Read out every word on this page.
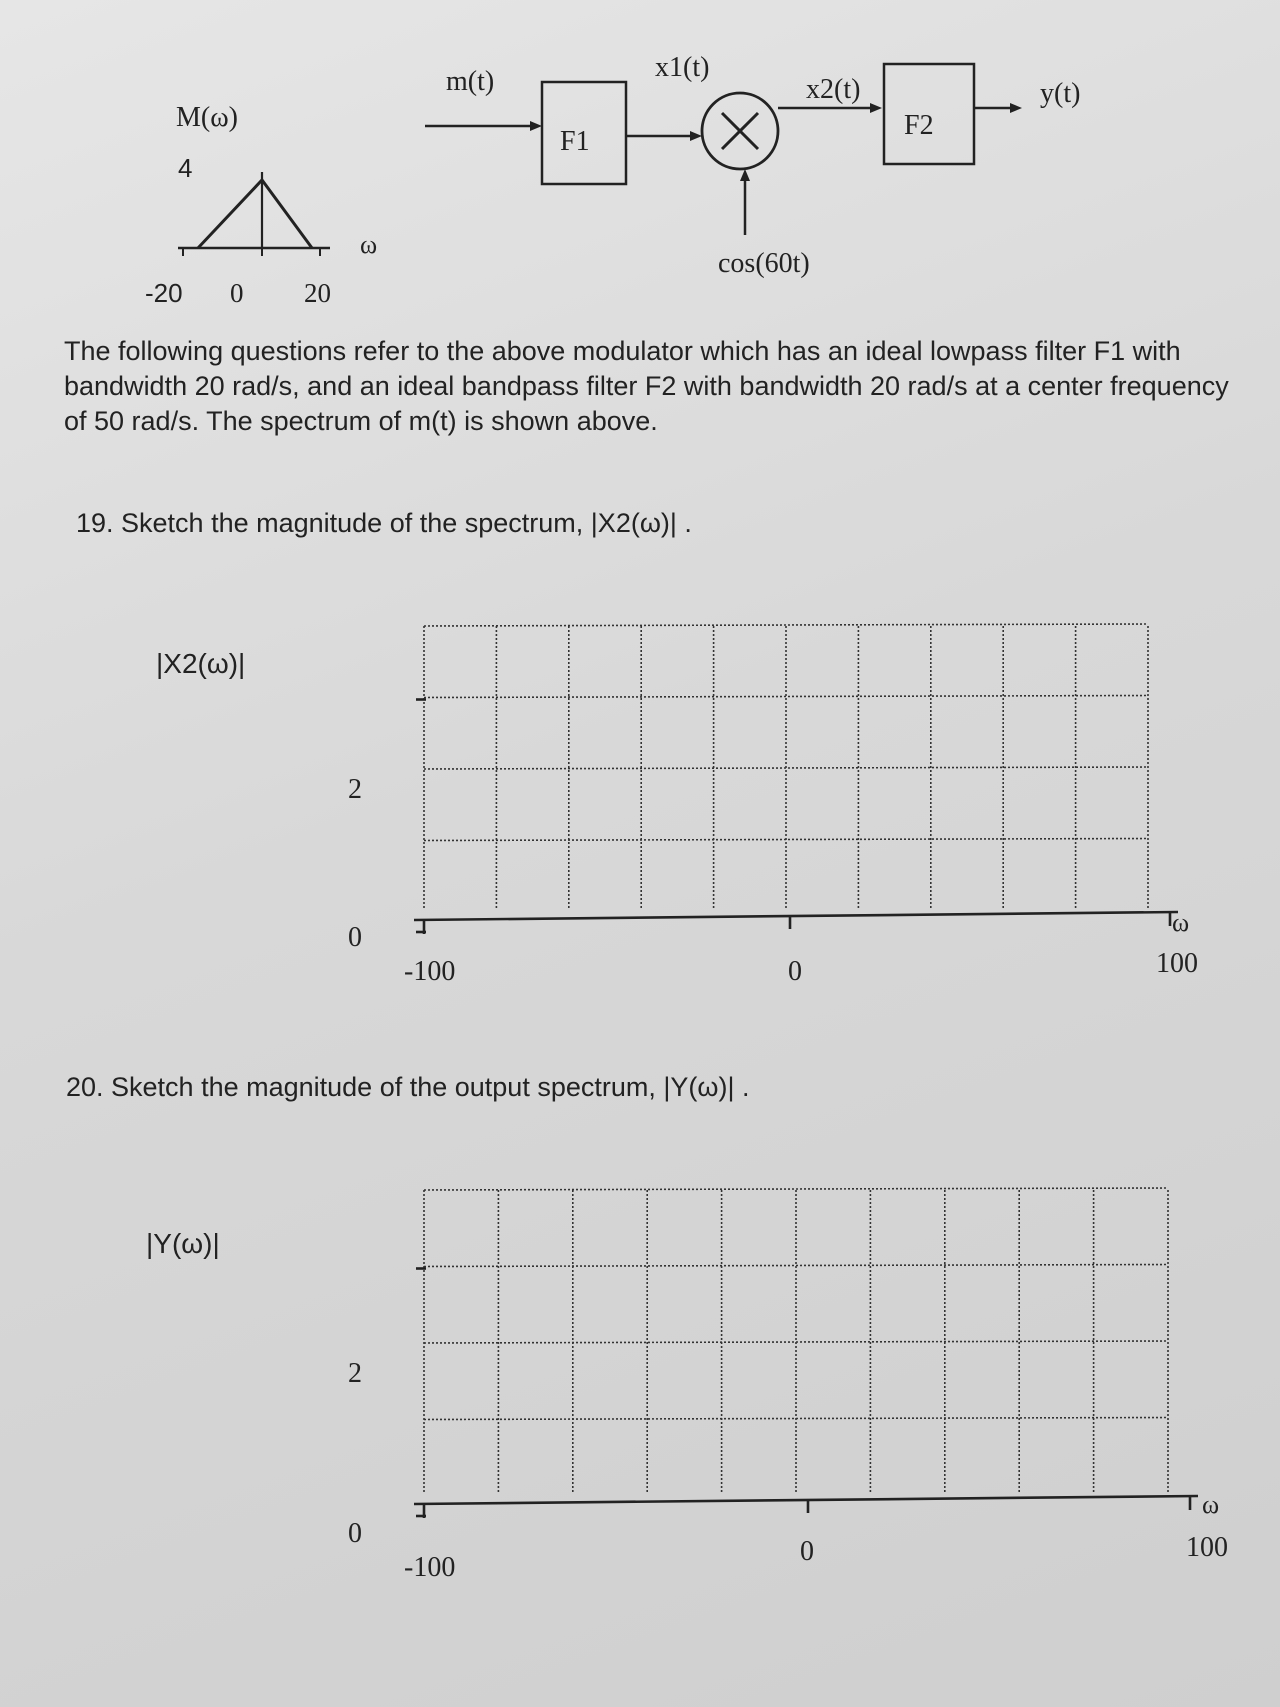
m(t)
F1
x1(t)
cos(60t)
x2(t)
F2
y(t)
M(ω)
4
ω
-20 0 20
The following questions refer to the above modulator which has an ideal lowpass filter F1 with bandwidth 20 rad/s, and an ideal bandpass filter F2 with bandwidth 20 rad/s at a center frequency of 50 rad/s. The spectrum of m(t) is shown above.
19. Sketch the magnitude of the spectrum, |X2(ω)| .
|X2(ω)|
2
0
-100	0	100
ω
20. Sketch the magnitude of the output spectrum, |Y(ω)| .
|Y(ω)|
2
0
-100
0	100
ω
